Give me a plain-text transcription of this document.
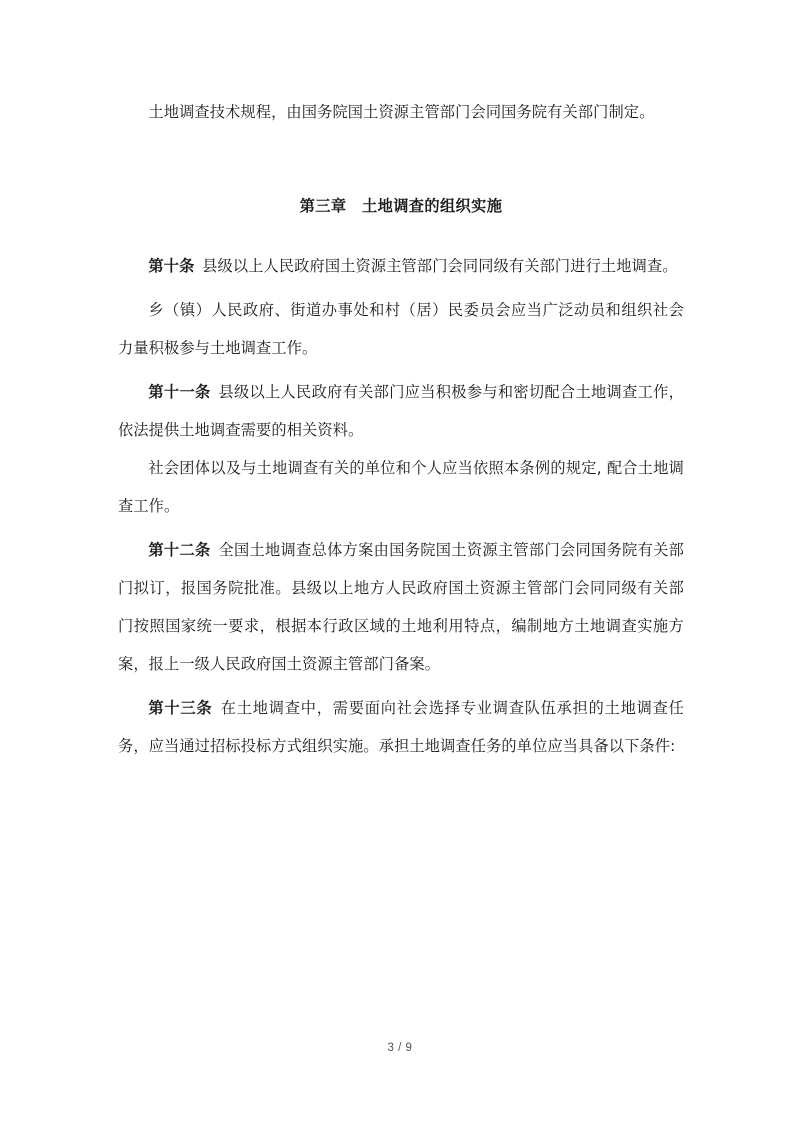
土地调查技术规程，由国务院国土资源主管部门会同国务院有关部门制定。

第三章　土地调查的组织实施

第十条 县级以上人民政府国土资源主管部门会同同级有关部门进行土地调查。

乡（镇）人民政府、街道办事处和村（居）民委员会应当广泛动员和组织社会力量积极参与土地调查工作。

第十一条 县级以上人民政府有关部门应当积极参与和密切配合土地调查工作，依法提供土地调查需要的相关资料。

社会团体以及与土地调查有关的单位和个人应当依照本条例的规定, 配合土地调查工作。

第十二条 全国土地调查总体方案由国务院国土资源主管部门会同国务院有关部门拟订，报国务院批准。县级以上地方人民政府国土资源主管部门会同同级有关部门按照国家统一要求，根据本行政区域的土地利用特点，编制地方土地调查实施方案，报上一级人民政府国土资源主管部门备案。

第十三条 在土地调查中，需要面向社会选择专业调查队伍承担的土地调查任务，应当通过招标投标方式组织实施。承担土地调查任务的单位应当具备以下条件:

3 / 9
